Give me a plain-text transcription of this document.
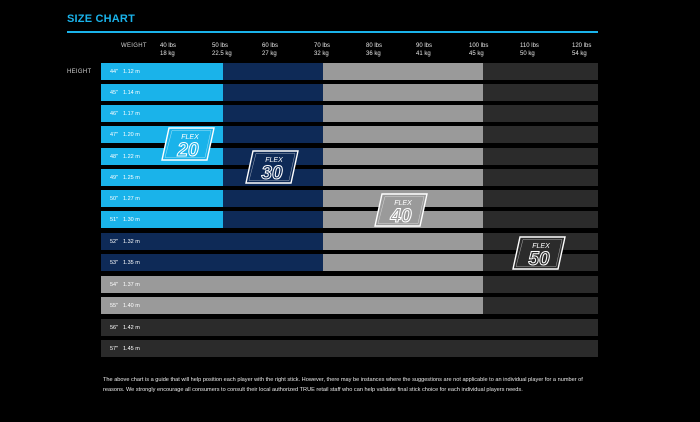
SIZE CHART
WEIGHT
HEIGHT
40 lbs
18 kg
50 lbs
22.5 kg
60 lbs
27 kg
70 lbs
32 kg
80 lbs
36 kg
90 lbs
41 kg
100 lbs
45 kg
110 lbs
50 kg
120 lbs
54 kg
44" 1.12 m
45" 1.14 m
46" 1.17 m
47" 1.20 m
48" 1.22 m
49" 1.25 m
50" 1.27 m
51" 1.30 m
52" 1.32 m
53" 1.35 m
54" 1.37 m
55" 1.40 m
56" 1.42 m
57" 1.45 m
FLEX
20	FLEX
30
FLEX
40
FLEX
50
The above chart is a guide that will help position each player with the right stick. However, there may be instances where the suggestions are not applicable to an individual player for a number of reasons. We strongly encourage all consumers to consult their local authorized TRUE retail staff who can help validate final stick choice for each individual players needs.
